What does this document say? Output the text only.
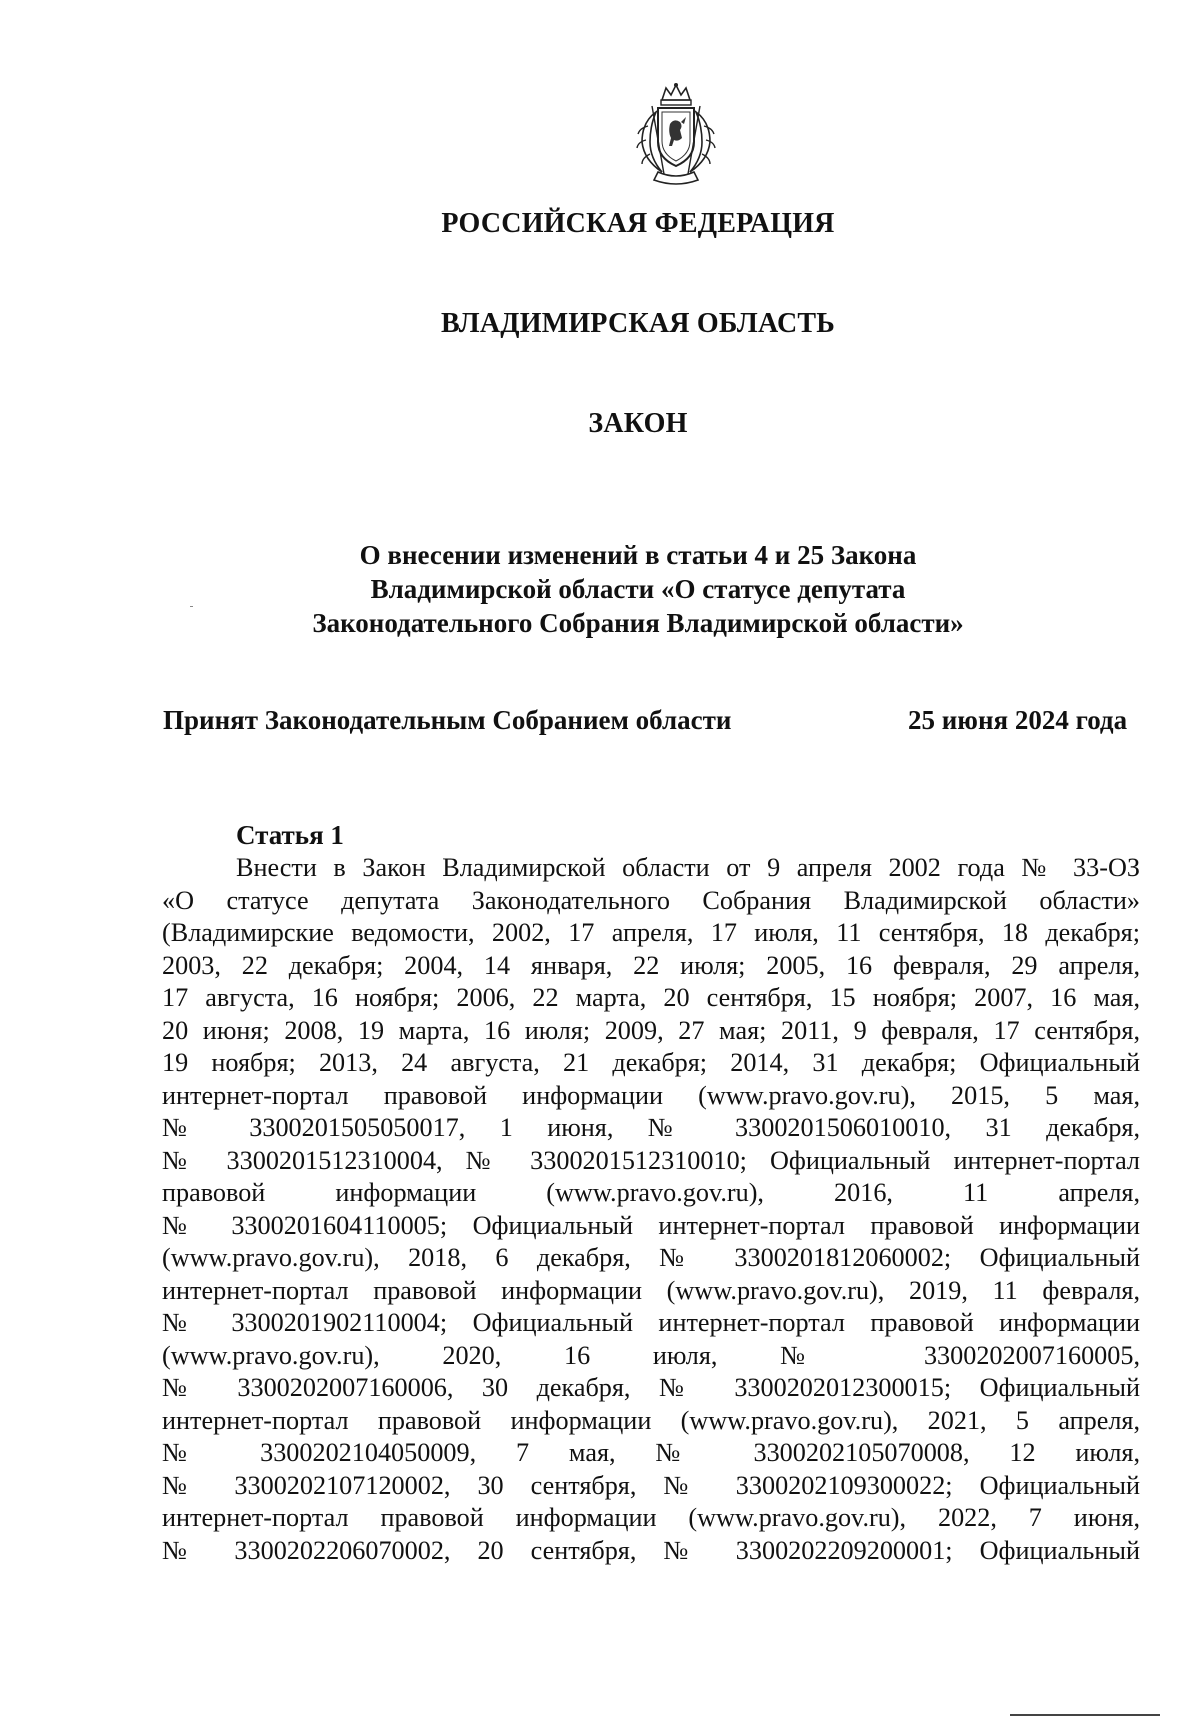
РОССИЙСКАЯ ФЕДЕРАЦИЯ
ВЛАДИМИРСКАЯ ОБЛАСТЬ
ЗАКОН
О внесении изменений в статьи 4 и 25 Закона
Владимирской области «О статусе депутата
Законодательного Собрания Владимирской области»
Принят Законодательным Собранием области	25 июня 2024 года
Статья 1
Внести в Закон Владимирской области от 9 апреля 2002 года № 33-ОЗ
«О статусе депутата Законодательного Собрания Владимирской области»
(Владимирские ведомости, 2002, 17 апреля, 17 июля, 11 сентября, 18 декабря;
2003, 22 декабря; 2004, 14 января, 22 июля; 2005, 16 февраля, 29 апреля,
17 августа, 16 ноября; 2006, 22 марта, 20 сентября, 15 ноября; 2007, 16 мая,
20 июня; 2008, 19 марта, 16 июля; 2009, 27 мая; 2011, 9 февраля, 17 сентября,
19 ноября; 2013, 24 августа, 21 декабря; 2014, 31 декабря; Официальный
интернет-портал правовой информации (www.pravo.gov.ru), 2015, 5 мая,
№ 3300201505050017, 1 июня, № 3300201506010010, 31 декабря,
№ 3300201512310004, № 3300201512310010; Официальный интернет-портал
правовой информации (www.pravo.gov.ru), 2016, 11 апреля,
№ 3300201604110005; Официальный интернет-портал правовой информации
(www.pravo.gov.ru), 2018, 6 декабря, № 3300201812060002; Официальный
интернет-портал правовой информации (www.pravo.gov.ru), 2019, 11 февраля,
№ 3300201902110004; Официальный интернет-портал правовой информации
(www.pravo.gov.ru), 2020, 16 июля, № 3300202007160005,
№ 3300202007160006, 30 декабря, № 3300202012300015; Официальный
интернет-портал правовой информации (www.pravo.gov.ru), 2021, 5 апреля,
№ 3300202104050009, 7 мая, № 3300202105070008, 12 июля,
№ 3300202107120002, 30 сентября, № 3300202109300022; Официальный
интернет-портал правовой информации (www.pravo.gov.ru), 2022, 7 июня,
№ 3300202206070002, 20 сентября, № 3300202209200001; Официальный
